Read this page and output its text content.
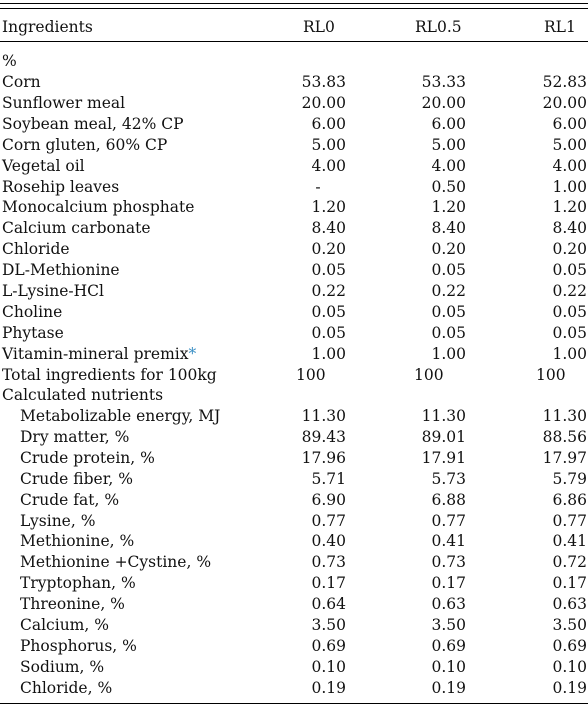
Ingredients	RL0	RL0.5	RL1
%
Corn	53.83	53.33	52.83
Sunflower meal	20.00	20.00	20.00
Soybean meal, 42% CP	6.00	6.00	6.00
Corn gluten, 60% CP	5.00	5.00	5.00
Vegetal oil	4.00	4.00	4.00
Rosehip leaves	-	0.50	1.00
Monocalcium phosphate	1.20	1.20	1.20
Calcium carbonate	8.40	8.40	8.40
Chloride	0.20	0.20	0.20
DL-Methionine	0.05	0.05	0.05
L-Lysine-HCl	0.22	0.22	0.22
Choline	0.05	0.05	0.05
Phytase	0.05	0.05	0.05
Vitamin-mineral premix*	1.00	1.00	1.00
Total ingredients for 100kg	100	100	100
Calculated nutrients
Metabolizable energy, MJ	11.30	11.30	11.30
Dry matter, %	89.43	89.01	88.56
Crude protein, %	17.96	17.91	17.97
Crude fiber, %	5.71	5.73	5.79
Crude fat, %	6.90	6.88	6.86
Lysine, %	0.77	0.77	0.77
Methionine, %	0.40	0.41	0.41
Methionine +Cystine, %	0.73	0.73	0.72
Tryptophan, %	0.17	0.17	0.17
Threonine, %	0.64	0.63	0.63
Calcium, %	3.50	3.50	3.50
Phosphorus, %	0.69	0.69	0.69
Sodium, %	0.10	0.10	0.10
Chloride, %	0.19	0.19	0.19
